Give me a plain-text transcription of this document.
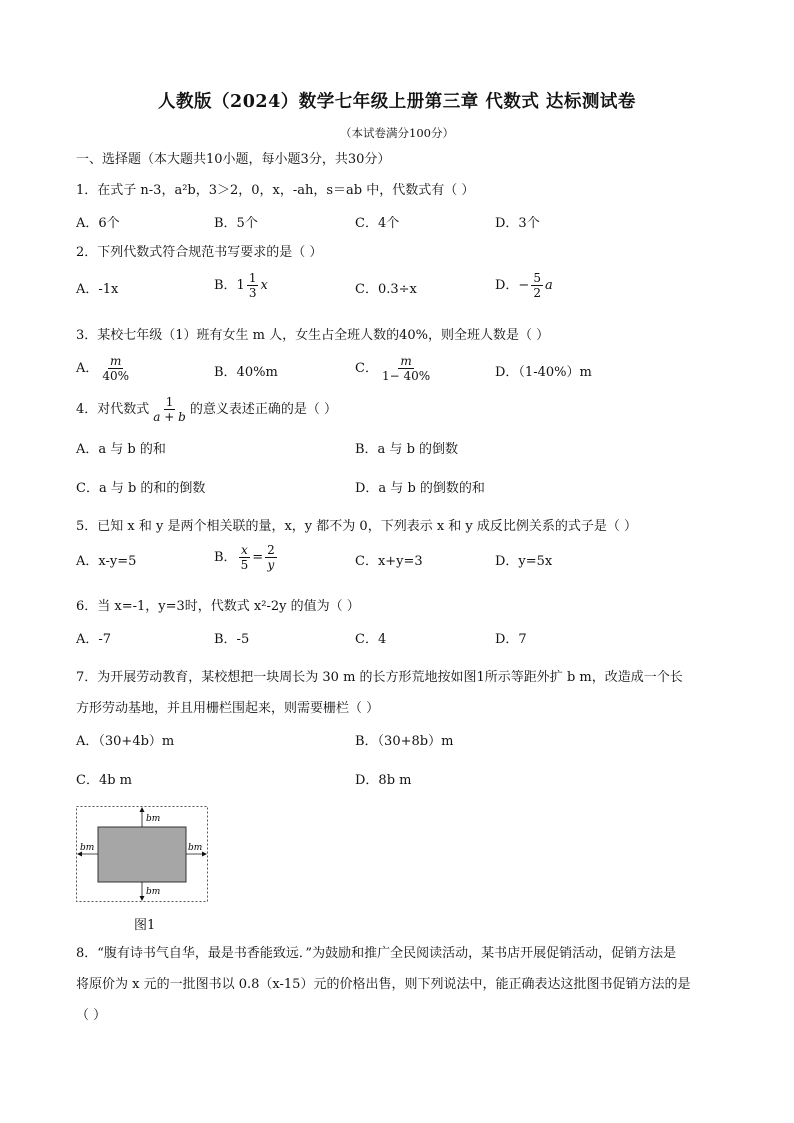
人教版（2024）数学七年级上册第三章 代数式 达标测试卷
（本试卷满分100分）
一、选择题（本大题共10小题，每小题3分，共30分）
1．在式子 n-3，a²b，3＞2，0，x，-ah，s＝ab 中，代数式有（ ）
A．6个	B．5个	C．4个	D．3个
2．下列代数式符合规范书写要求的是（ ）
A．-1x	B．$1 \frac{1}{3}$ x	C．0.3÷x	D．− $\frac{5}{2}$ a
3．某校七年级（1）班有女生 m 人，女生占全班人数的40%，则全班人数是（ ）
A． $\frac{m}{40\%}$	B．40%m	C． $\frac{m}{1- 40\%}$	D．（1-40%）m
4．对代数式 $\frac{1}{a + b}$ 的意义表述正确的是（ ）
A．a 与 b 的和	B．a 与 b 的倒数
C．a 与 b 的和的倒数	D．a 与 b 的倒数的和
5．已知 x 和 y 是两个相关联的量，x，y 都不为 0，下列表示 x 和 y 成反比例关系的式子是（ ）
A．x-y=5	B． $\frac{x}{5} = \frac{2}{y}$	C．x+y=3	D．y=5x
6．当 x=-1，y=3时，代数式 x²-2y 的值为（ ）
A．-7	B．-5	C．4	D．7
7．为开展劳动教育，某校想把一块周长为 30 m 的长方形荒地按如图1所示等距外扩 b m，改造成一个长
方形劳动基地，并且用栅栏围起来，则需要栅栏（ ）
A．（30+4b）m	B．（30+8b）m
C．4b m	D．8b m
bm
bm
bm	bm
图1
8．“腹有诗书气自华，最是书香能致远．”为鼓励和推广全民阅读活动，某书店开展促销活动，促销方法是
将原价为 x 元的一批图书以 0.8（x-15）元的价格出售，则下列说法中，能正确表达这批图书促销方法的是
（ ）
